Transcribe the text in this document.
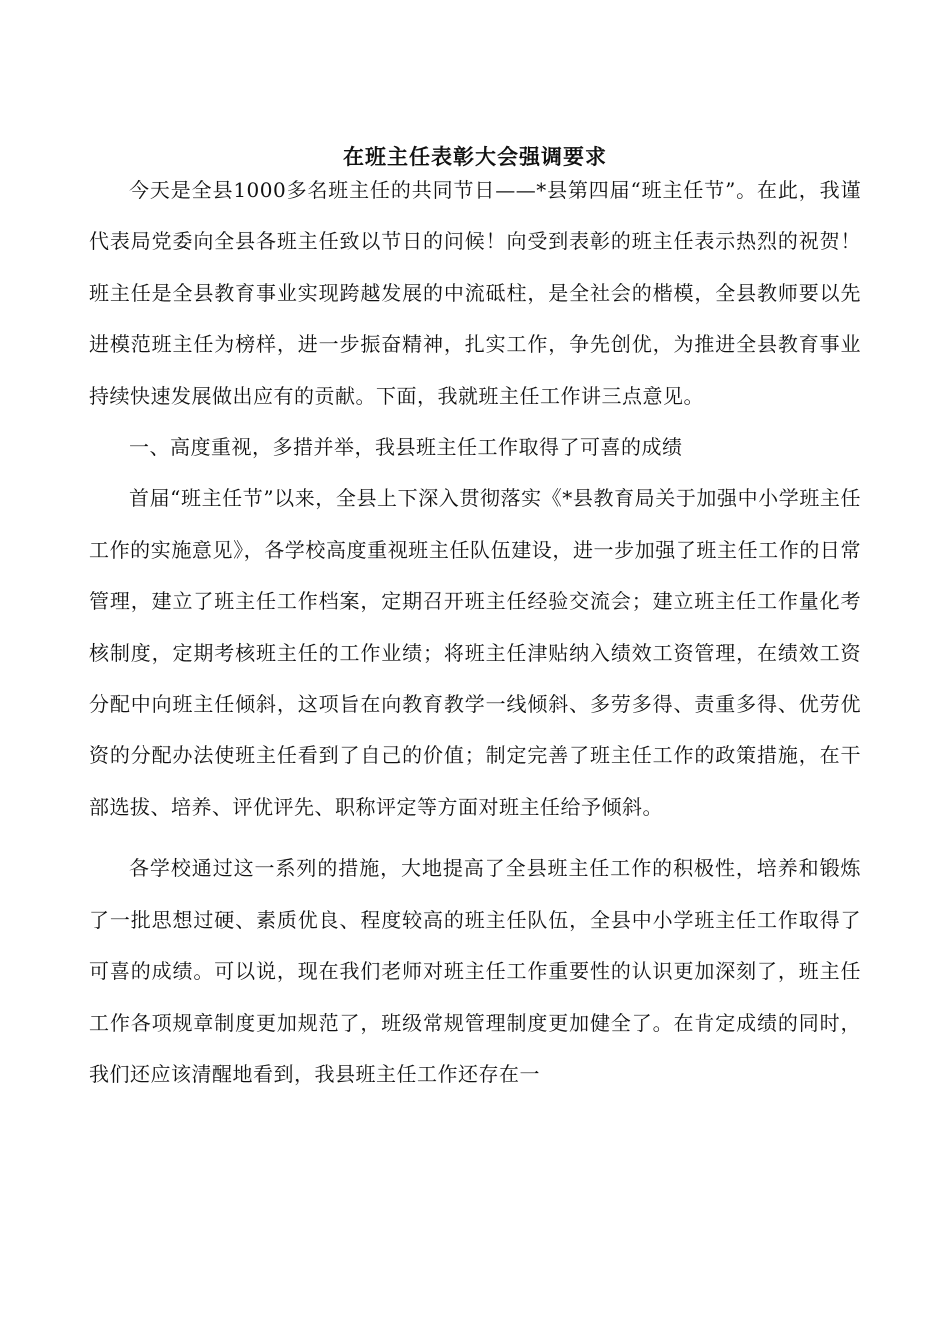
在班主任表彰大会强调要求

今天是全县1000多名班主任的共同节日——*县第四届“班主任节”。在此，我谨代表局党委向全县各班主任致以节日的问候！向受到表彰的班主任表示热烈的祝贺！班主任是全县教育事业实现跨越发展的中流砥柱，是全社会的楷模，全县教师要以先进模范班主任为榜样，进一步振奋精神，扎实工作，争先创优，为推进全县教育事业持续快速发展做出应有的贡献。下面，我就班主任工作讲三点意见。

一、高度重视，多措并举，我县班主任工作取得了可喜的成绩

首届“班主任节”以来，全县上下深入贯彻落实《*县教育局关于加强中小学班主任工作的实施意见》，各学校高度重视班主任队伍建设，进一步加强了班主任工作的日常管理，建立了班主任工作档案，定期召开班主任经验交流会；建立班主任工作量化考核制度，定期考核班主任的工作业绩；将班主任津贴纳入绩效工资管理，在绩效工资分配中向班主任倾斜，这项旨在向教育教学一线倾斜、多劳多得、责重多得、优劳优资的分配办法使班主任看到了自己的价值；制定完善了班主任工作的政策措施，在干部选拔、培养、评优评先、职称评定等方面对班主任给予倾斜。

各学校通过这一系列的措施，大地提高了全县班主任工作的积极性，培养和锻炼了一批思想过硬、素质优良、程度较高的班主任队伍，全县中小学班主任工作取得了可喜的成绩。可以说，现在我们老师对班主任工作重要性的认识更加深刻了，班主任工作各项规章制度更加规范了，班级常规管理制度更加健全了。在肯定成绩的同时，我们还应该清醒地看到，我县班主任工作还存在一
